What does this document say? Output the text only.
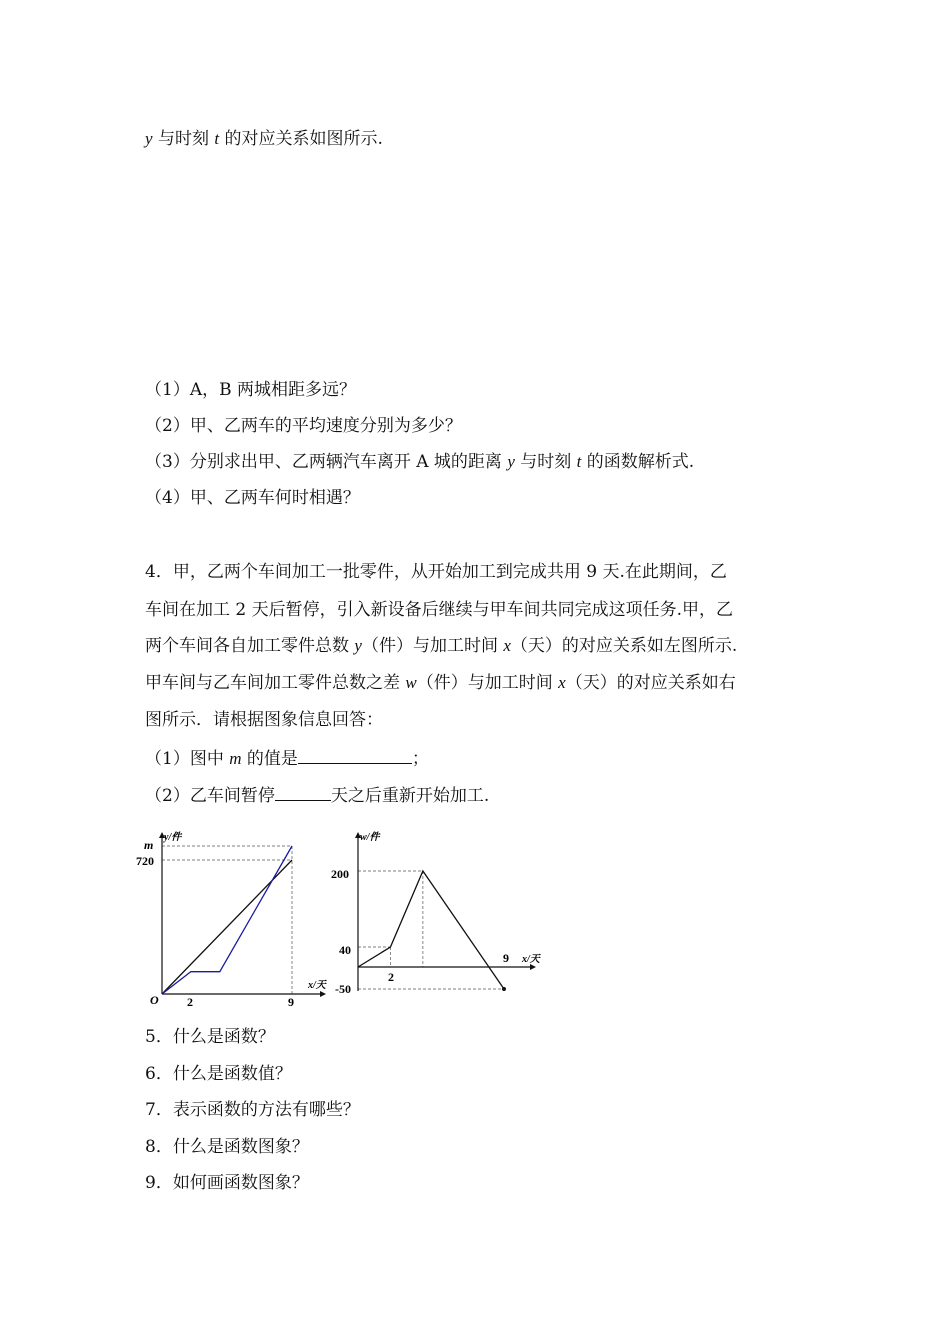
y 与时刻 t 的对应关系如图所示.
（1）A，B 两城相距多远？
（2）甲、乙两车的平均速度分别为多少？
（3）分别求出甲、乙两辆汽车离开 A 城的距离 y 与时刻 t 的函数解析式.
（4）甲、乙两车何时相遇？
4．甲，乙两个车间加工一批零件，从开始加工到完成共用 9 天.在此期间，乙
车间在加工 2 天后暂停，引入新设备后继续与甲车间共同完成这项任务.甲，乙
两个车间各自加工零件总数 y（件）与加工时间 x（天）的对应关系如左图所示.
甲车间与乙车间加工零件总数之差 w（件）与加工时间 x（天）的对应关系如右
图所示．请根据图象信息回答：
（1）图中 m 的值是	；
（2）乙车间暂停	天之后重新开始加工.
y/件
x/天
O
m
720
2	9
w/件
x/天
200
40
-50
2
9
5．什么是函数？
6．什么是函数值？
7．表示函数的方法有哪些？
8．什么是函数图象？
9．如何画函数图象？
